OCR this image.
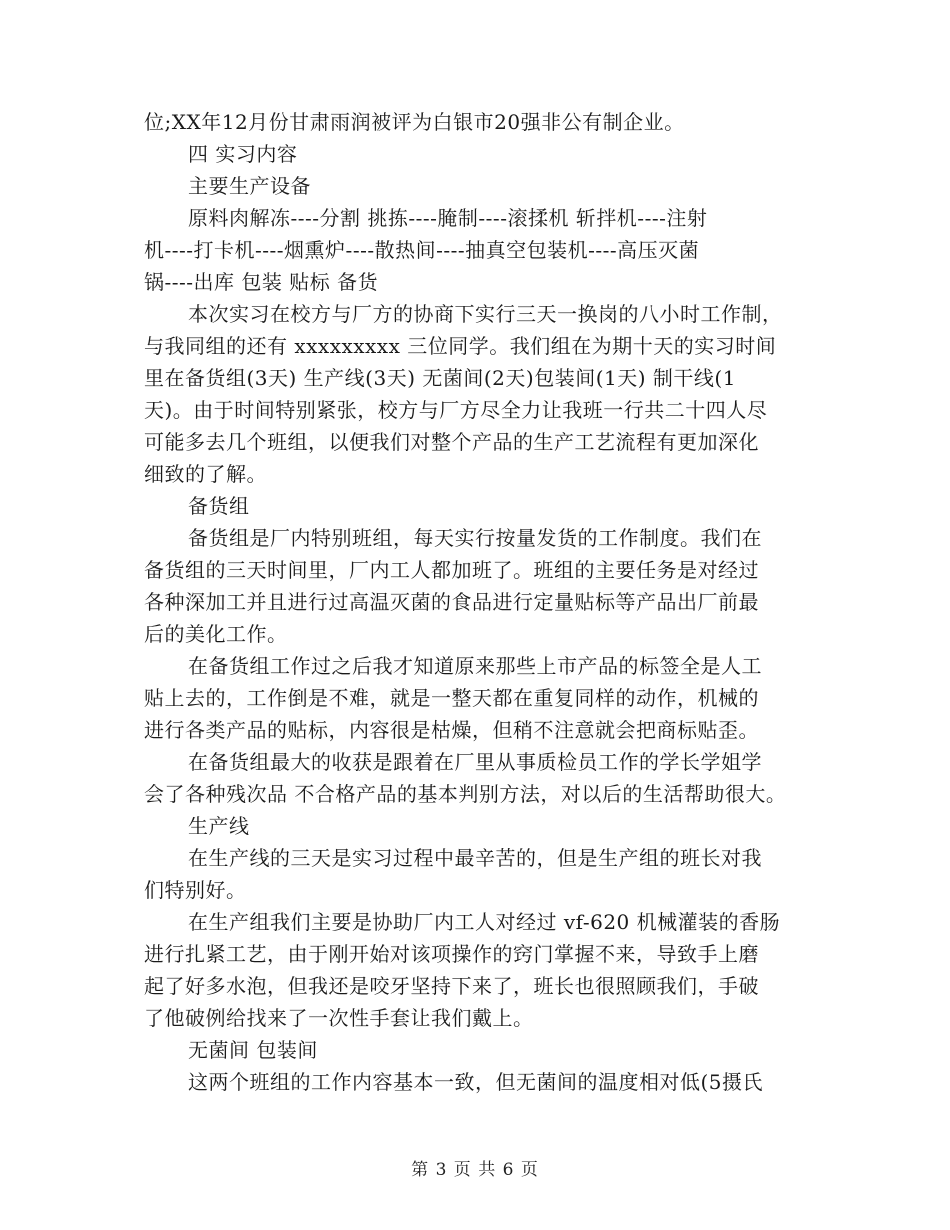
位;XX年12月份甘肃雨润被评为白银市20强非公有制企业。
四 实习内容
主要生产设备
原料肉解冻----分割 挑拣----腌制----滚揉机 斩拌机----注射
机----打卡机----烟熏炉----散热间----抽真空包装机----高压灭菌
锅----出库 包装 贴标 备货
本次实习在校方与厂方的协商下实行三天一换岗的八小时工作制，
与我同组的还有 xxxxxxxxx 三位同学。我们组在为期十天的实习时间
里在备货组(3天) 生产线(3天) 无菌间(2天)包装间(1天) 制干线(1
天)。由于时间特别紧张，校方与厂方尽全力让我班一行共二十四人尽
可能多去几个班组，以便我们对整个产品的生产工艺流程有更加深化
细致的了解。
备货组
备货组是厂内特别班组，每天实行按量发货的工作制度。我们在
备货组的三天时间里，厂内工人都加班了。班组的主要任务是对经过
各种深加工并且进行过高温灭菌的食品进行定量贴标等产品出厂前最
后的美化工作。
在备货组工作过之后我才知道原来那些上市产品的标签全是人工
贴上去的，工作倒是不难，就是一整天都在重复同样的动作，机械的
进行各类产品的贴标，内容很是枯燥，但稍不注意就会把商标贴歪。
在备货组最大的收获是跟着在厂里从事质检员工作的学长学姐学
会了各种残次品 不合格产品的基本判别方法，对以后的生活帮助很大。
生产线
在生产线的三天是实习过程中最辛苦的，但是生产组的班长对我
们特别好。
在生产组我们主要是协助厂内工人对经过 vf-620 机械灌装的香肠
进行扎紧工艺，由于刚开始对该项操作的窍门掌握不来，导致手上磨
起了好多水泡，但我还是咬牙坚持下来了，班长也很照顾我们，手破
了他破例给找来了一次性手套让我们戴上。
无菌间 包装间
这两个班组的工作内容基本一致，但无菌间的温度相对低(5摄氏
第 3 页 共 6 页
